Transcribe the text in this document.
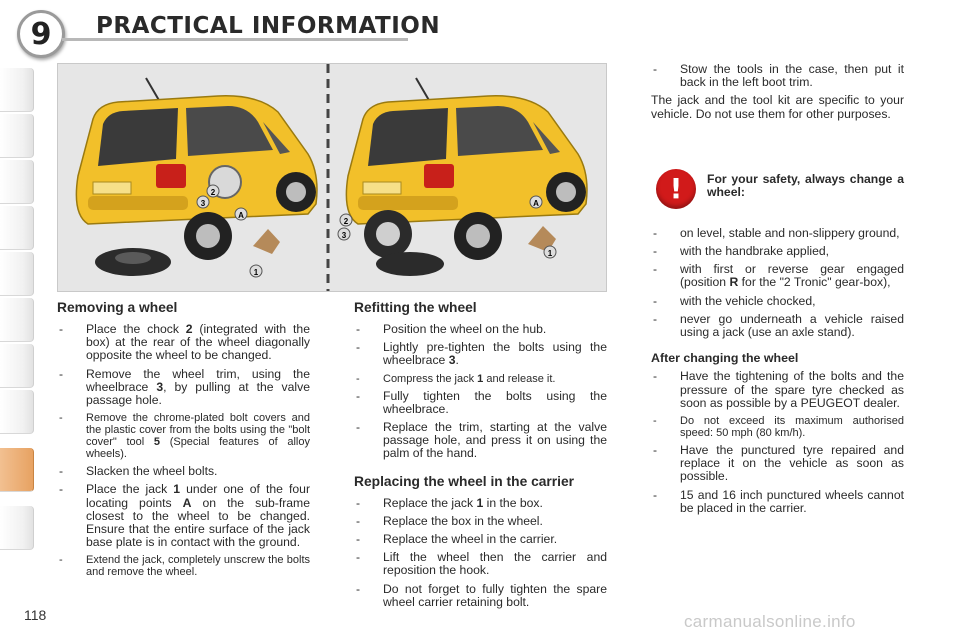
9	PRACTICAL INFORMATION
2
3
A
1
2
3
A
1
Removing a wheel
- Place the chock 2 (integrated with the box) at the rear of the wheel diagonally opposite the wheel to be changed.
- Remove the wheel trim, using the wheelbrace 3, by pulling at the valve passage hole.
- Remove the chrome-plated bolt covers and the plastic cover from the bolts using the "bolt cover" tool 5 (Special features of alloy wheels).
- Slacken the wheel bolts.
- Place the jack 1 under one of the four locating points A on the sub-frame closest to the wheel to be changed. Ensure that the entire surface of the jack base plate is in contact with the ground.
- Extend the jack, completely unscrew the bolts and remove the wheel.
Refitting the wheel
- Position the wheel on the hub.
- Lightly pre-tighten the bolts using the wheelbrace 3.
- Compress the jack 1 and release it.
- Fully tighten the bolts using the wheelbrace.
- Replace the trim, starting at the valve passage hole, and press it on using the palm of the hand.
Replacing the wheel in the carrier
- Replace the jack 1 in the box.
- Replace the box in the wheel.
- Replace the wheel in the carrier.
- Lift the wheel then the carrier and reposition the hook.
- Do not forget to fully tighten the spare wheel carrier retaining bolt.
- Stow the tools in the case, then put it back in the left boot trim.
The jack and the tool kit are specific to your vehicle. Do not use them for other purposes.
!	For your safety, always change a wheel:
- on level, stable and non-slippery ground,
- with the handbrake applied,
- with first or reverse gear engaged (position R for the "2 Tronic" gear-box),
- with the vehicle chocked,
- never go underneath a vehicle raised using a jack (use an axle stand).
After changing the wheel
- Have the tightening of the bolts and the pressure of the spare tyre checked as soon as possible by a PEUGEOT dealer.
- Do not exceed its maximum authorised speed: 50 mph (80 km/h).
- Have the punctured tyre repaired and replace it on the vehicle as soon as possible.
- 15 and 16 inch punctured wheels cannot be placed in the carrier.
118	carmanualsonline.info
